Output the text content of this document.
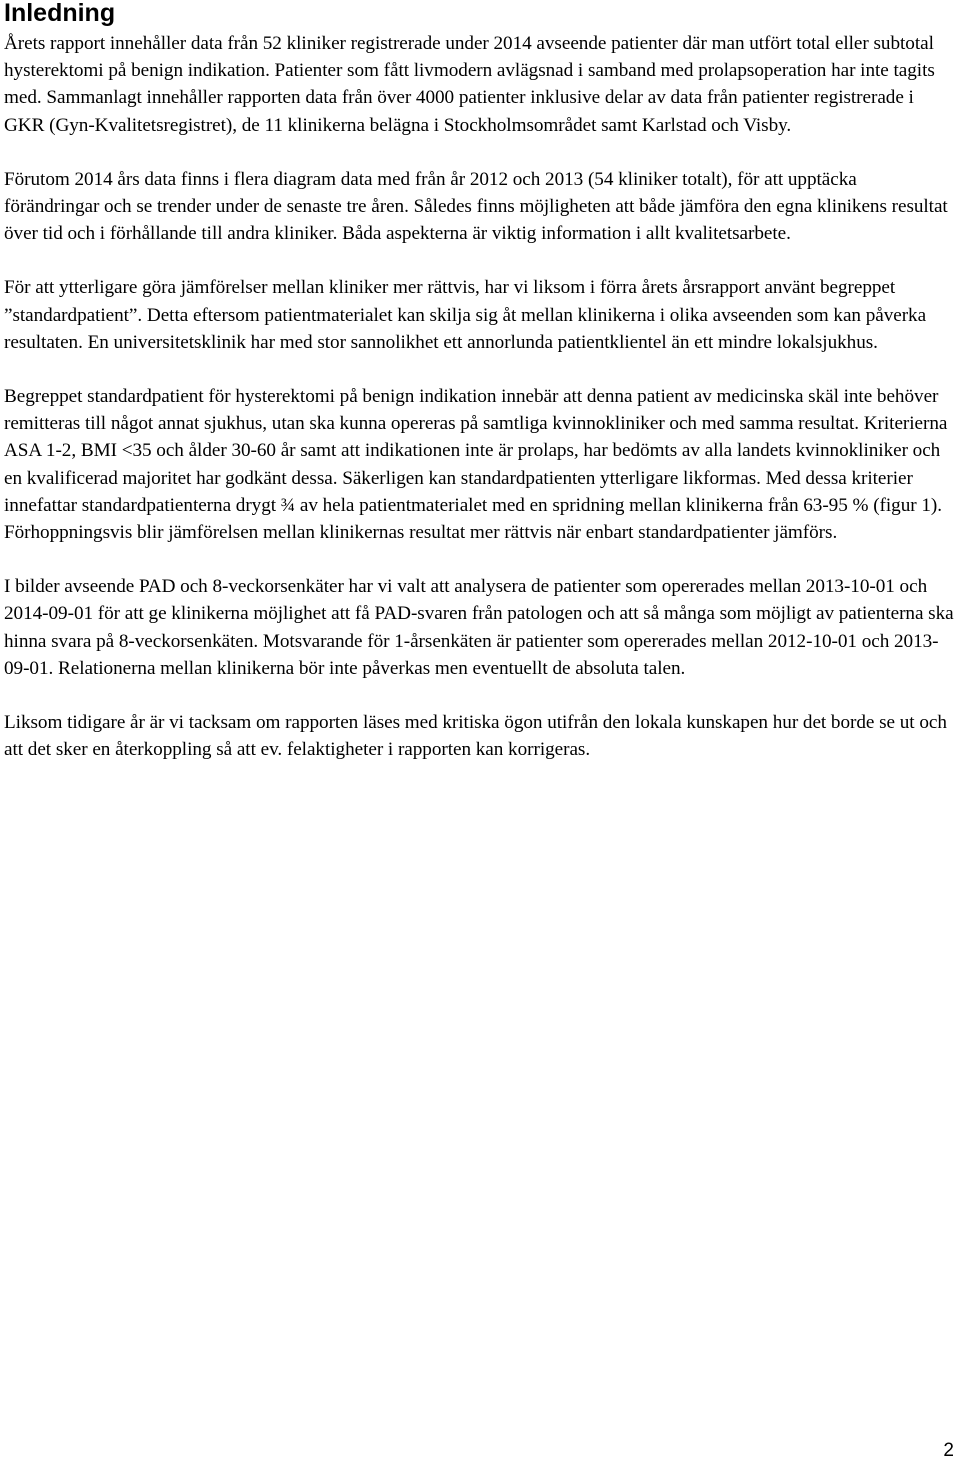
Inledning

Årets rapport innehåller data från 52 kliniker registrerade under 2014 avseende patienter där man utfört total eller subtotal hysterektomi på benign indikation. Patienter som fått livmodern avlägsnad i samband med prolapsoperation har inte tagits med. Sammanlagt innehåller rapporten data från över 4000 patienter inklusive delar av data från patienter registrerade i GKR (Gyn-Kvalitetsregistret), de 11 klinikerna belägna i Stockholmsområdet samt Karlstad och Visby.

Förutom 2014 års data finns i flera diagram data med från år 2012 och 2013 (54 kliniker totalt), för att upptäcka förändringar och se trender under de senaste tre åren. Således finns möjligheten att både jämföra den egna klinikens resultat över tid och i förhållande till andra kliniker. Båda aspekterna är viktig information i allt kvalitetsarbete.

För att ytterligare göra jämförelser mellan kliniker mer rättvis, har vi liksom i förra årets årsrapport använt begreppet ”standardpatient”. Detta eftersom patientmaterialet kan skilja sig åt mellan klinikerna i olika avseenden som kan påverka resultaten. En universitetsklinik har med stor sannolikhet ett annorlunda patientklientel än ett mindre lokalsjukhus.

Begreppet standardpatient för hysterektomi på benign indikation innebär att denna patient av medicinska skäl inte behöver remitteras till något annat sjukhus, utan ska kunna opereras på samtliga kvinnokliniker och med samma resultat. Kriterierna ASA 1-2, BMI <35 och ålder 30-60 år samt att indikationen inte är prolaps, har bedömts av alla landets kvinnokliniker och en kvalificerad majoritet har godkänt dessa. Säkerligen kan standardpatienten ytterligare likformas. Med dessa kriterier innefattar standardpatienterna drygt ¾ av hela patientmaterialet med en spridning mellan klinikerna från 63-95 % (figur 1). Förhoppningsvis blir jämförelsen mellan klinikernas resultat mer rättvis när enbart standardpatienter jämförs.

I bilder avseende PAD och 8-veckorsenkäter har vi valt att analysera de patienter som opererades mellan 2013-10-01 och 2014-09-01 för att ge klinikerna möjlighet att få PAD-svaren från patologen och att så många som möjligt av patienterna ska hinna svara på 8-veckorsenkäten. Motsvarande för 1-årsenkäten är patienter som opererades mellan 2012-10-01 och 2013-09-01. Relationerna mellan klinikerna bör inte påverkas men eventuellt de absoluta talen.

Liksom tidigare år är vi tacksam om rapporten läses med kritiska ögon utifrån den lokala kunskapen hur det borde se ut och att det sker en återkoppling så att ev. felaktigheter i rapporten kan korrigeras.

2
